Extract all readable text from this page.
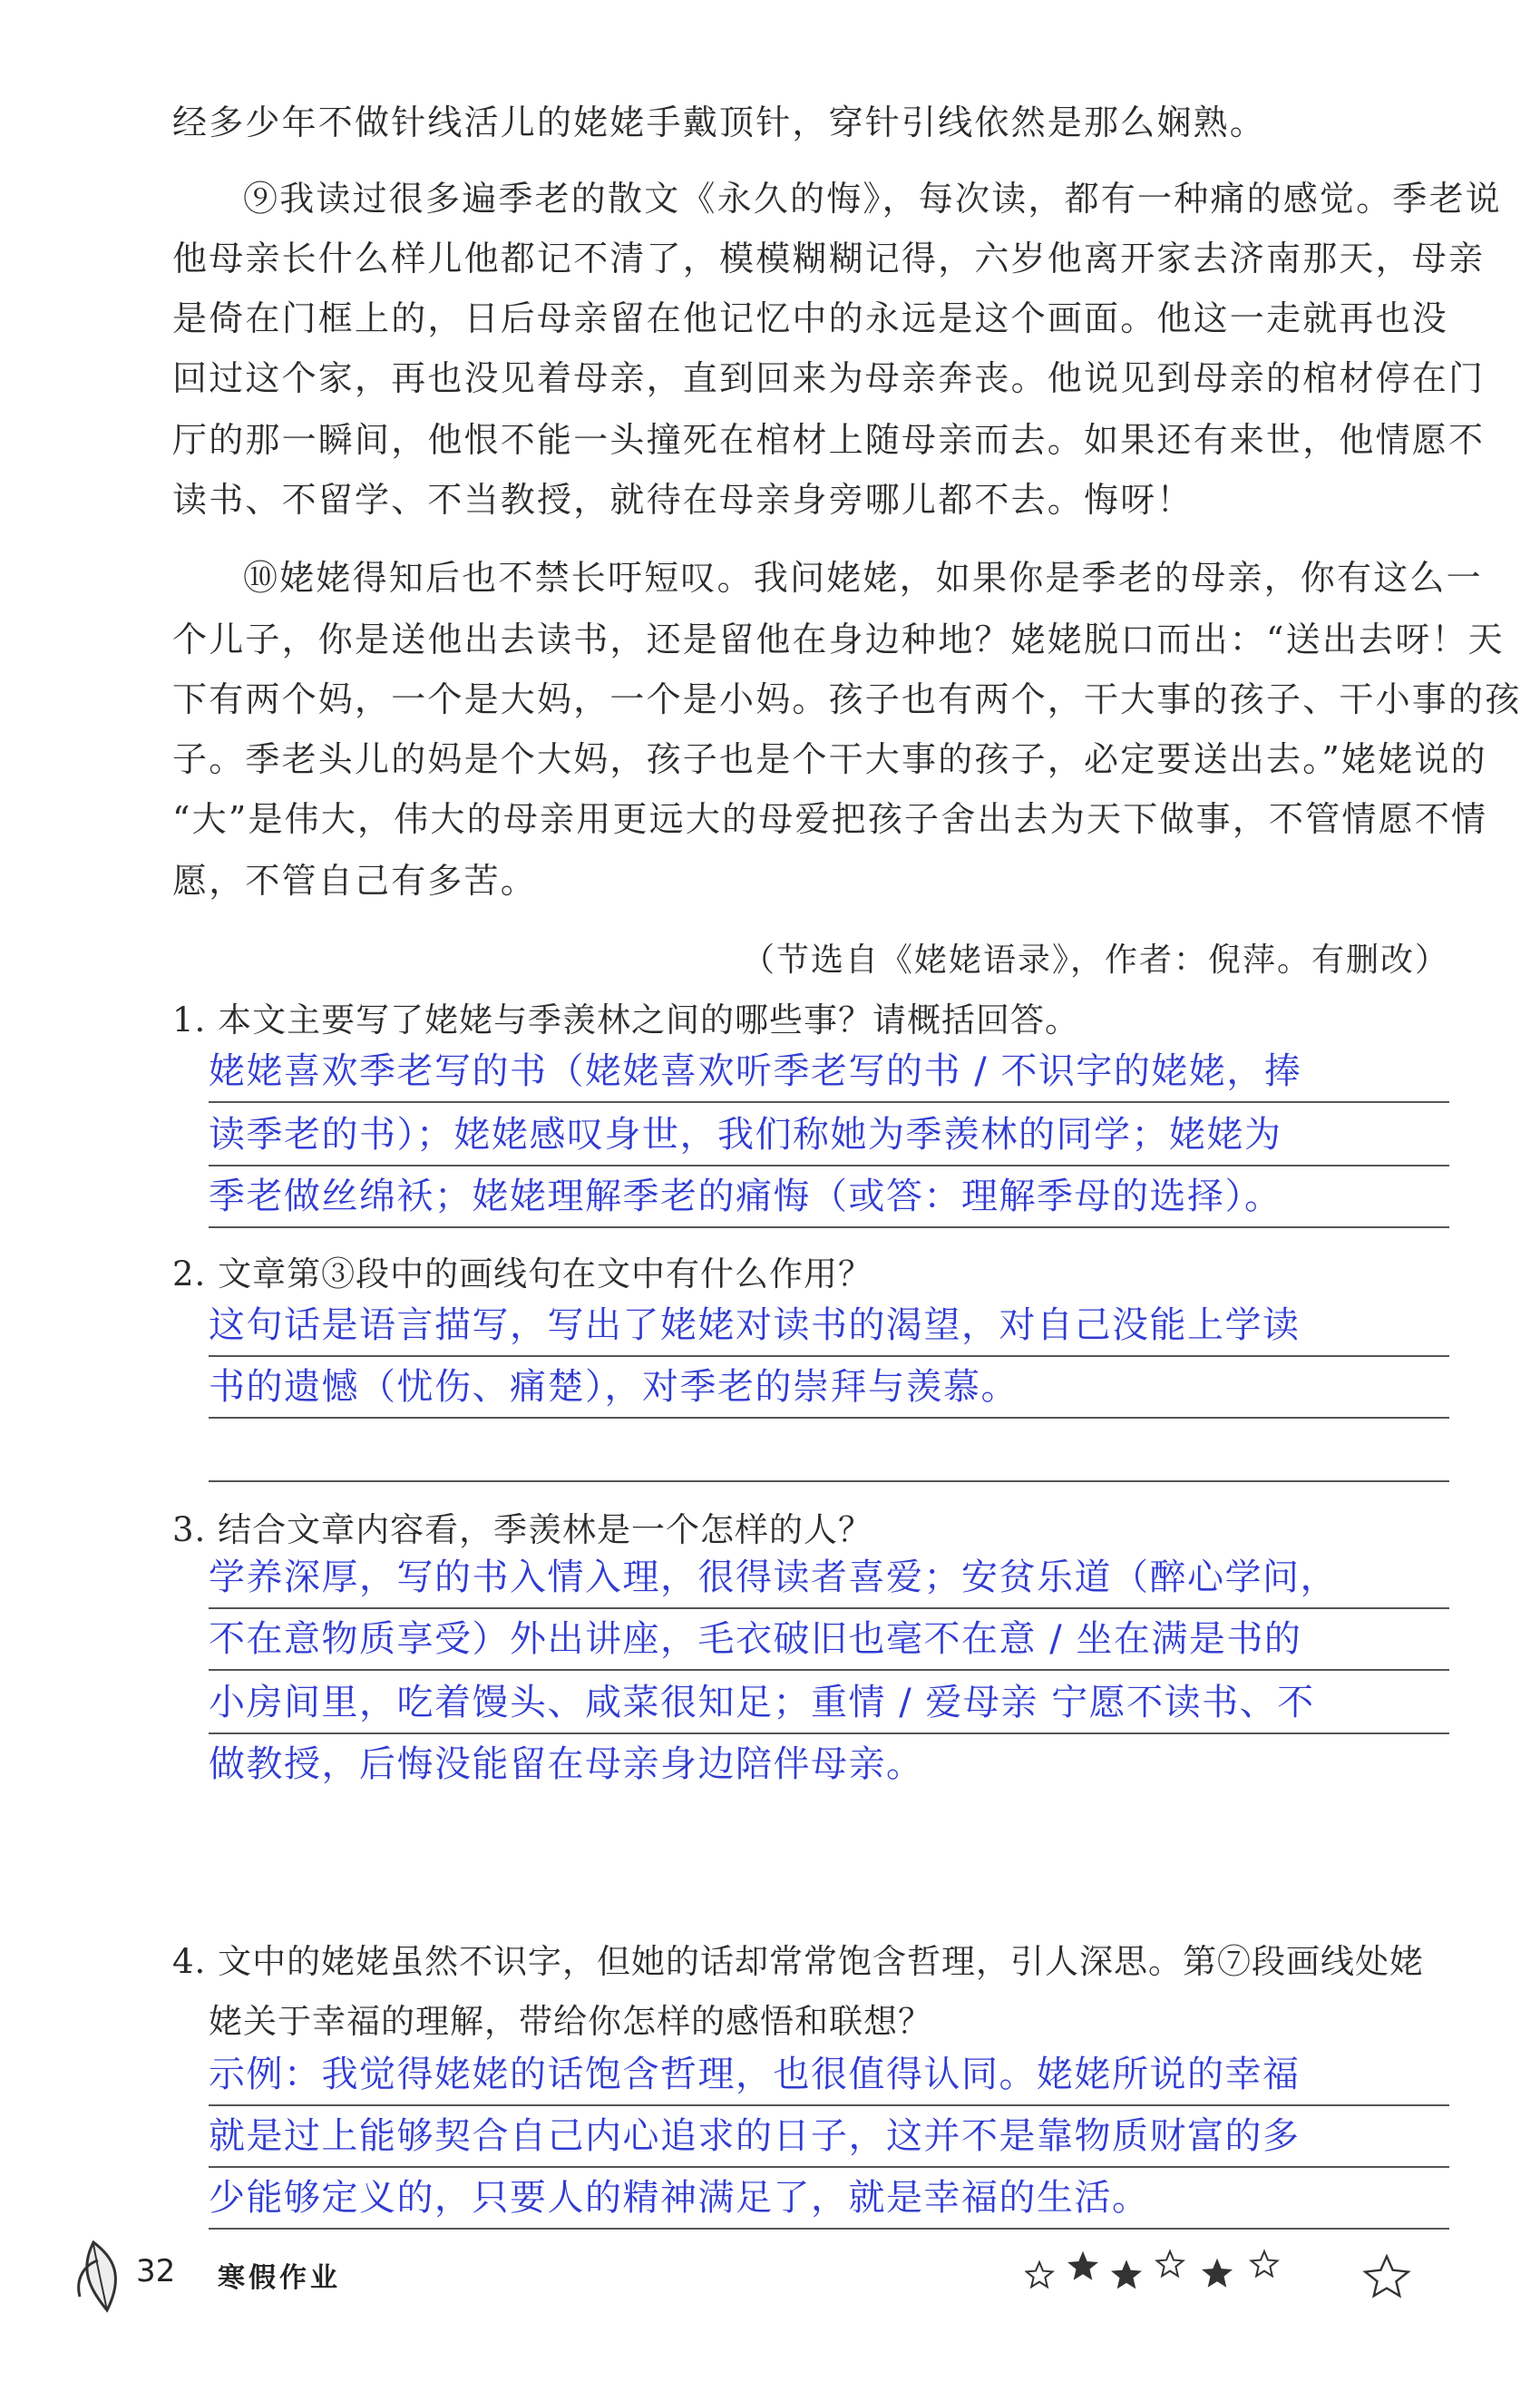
经多少年不做针线活儿的姥姥手戴顶针，穿针引线依然是那么娴熟。
⑨我读过很多遍季老的散文《永久的悔》，每次读，都有一种痛的感觉。季老说
他母亲长什么样儿他都记不清了，模模糊糊记得，六岁他离开家去济南那天，母亲
是倚在门框上的，日后母亲留在他记忆中的永远是这个画面。他这一走就再也没
回过这个家，再也没见着母亲，直到回来为母亲奔丧。他说见到母亲的棺材停在门
厅的那一瞬间，他恨不能一头撞死在棺材上随母亲而去。如果还有来世，他情愿不
读书、不留学、不当教授，就待在母亲身旁哪儿都不去。悔呀！
⑩姥姥得知后也不禁长吁短叹。我问姥姥，如果你是季老的母亲，你有这么一
个儿子，你是送他出去读书，还是留他在身边种地？姥姥脱口而出：“送出去呀！天
下有两个妈，一个是大妈，一个是小妈。孩子也有两个，干大事的孩子、干小事的孩
子。季老头儿的妈是个大妈，孩子也是个干大事的孩子，必定要送出去。”姥姥说的
“大”是伟大，伟大的母亲用更远大的母爱把孩子舍出去为天下做事，不管情愿不情
愿，不管自己有多苦。
（节选自《姥姥语录》，作者：倪萍。有删改）
1. 本文主要写了姥姥与季羡林之间的哪些事？请概括回答。
姥姥喜欢季老写的书（姥姥喜欢听季老写的书 / 不识字的姥姥，捧
读季老的书）；姥姥感叹身世，我们称她为季羡林的同学；姥姥为
季老做丝绵袄；姥姥理解季老的痛悔（或答：理解季母的选择）。
2. 文章第③段中的画线句在文中有什么作用？
这句话是语言描写，写出了姥姥对读书的渴望，对自己没能上学读
书的遗憾（忧伤、痛楚），对季老的崇拜与羡慕。
3. 结合文章内容看，季羡林是一个怎样的人？
学养深厚，写的书入情入理，很得读者喜爱；安贫乐道（醉心学问，
不在意物质享受）外出讲座，毛衣破旧也毫不在意 / 坐在满是书的
小房间里，吃着馒头、咸菜很知足；重情 / 爱母亲 宁愿不读书、不
做教授，后悔没能留在母亲身边陪伴母亲。
4. 文中的姥姥虽然不识字，但她的话却常常饱含哲理，引人深思。第⑦段画线处姥
姥关于幸福的理解，带给你怎样的感悟和联想？
示例：我觉得姥姥的话饱含哲理，也很值得认同。姥姥所说的幸福
就是过上能够契合自己内心追求的日子，这并不是靠物质财富的多
少能够定义的，只要人的精神满足了，就是幸福的生活。
32 寒假作业
